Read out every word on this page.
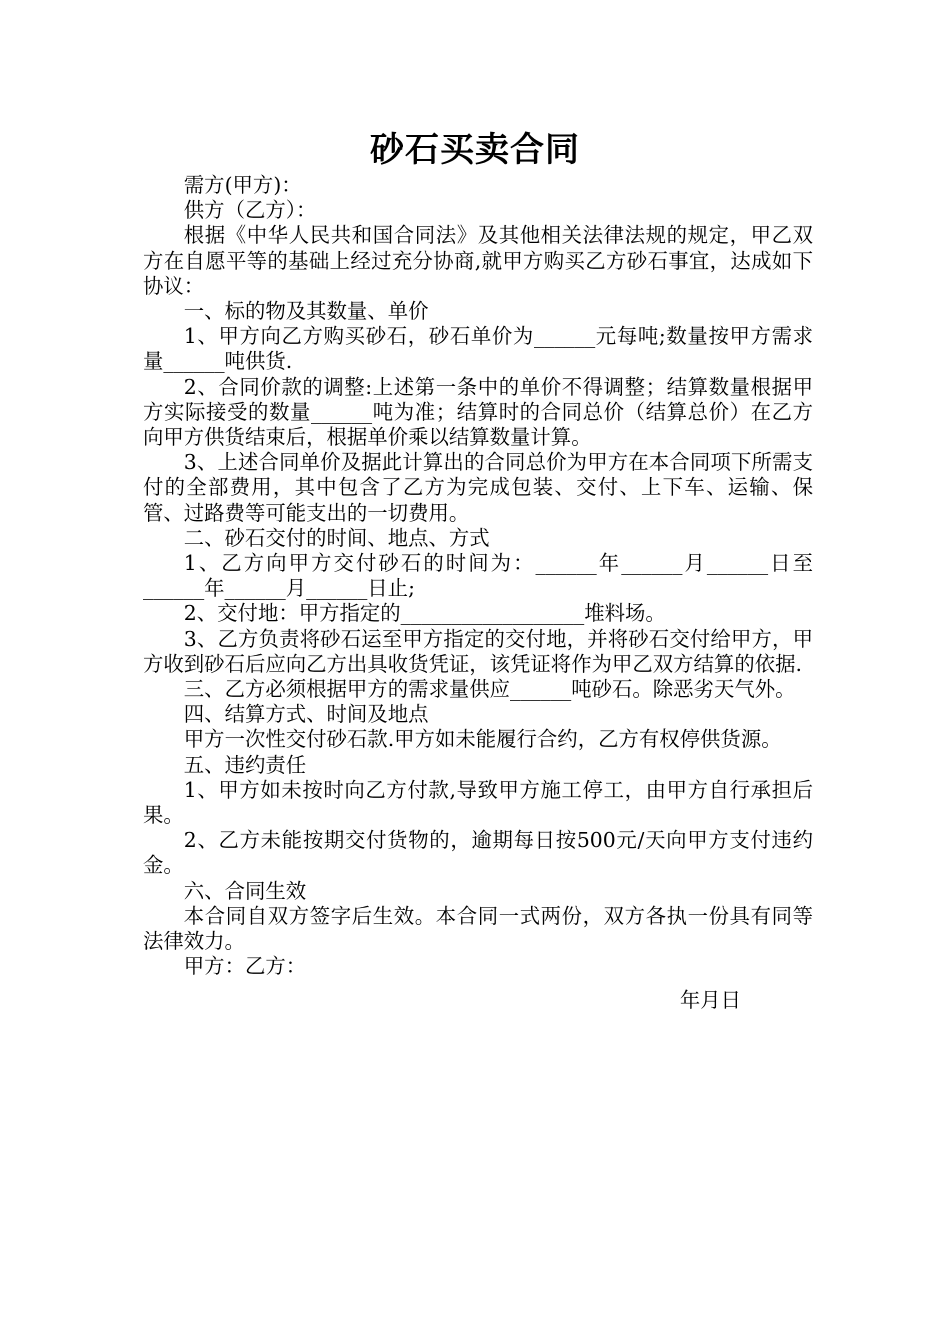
砂石买卖合同

需方(甲方)：

供方（乙方）：

根据《中华人民共和国合同法》及其他相关法律法规的规定，甲乙双方在自愿平等的基础上经过充分协商,就甲方购买乙方砂石事宜，达成如下协议：

一、标的物及其数量、单价

1、甲方向乙方购买砂石，砂石单价为______元每吨;数量按甲方需求量______吨供货.

2、合同价款的调整:上述第一条中的单价不得调整；结算数量根据甲方实际接受的数量______吨为准；结算时的合同总价（结算总价）在乙方向甲方供货结束后，根据单价乘以结算数量计算。

3、上述合同单价及据此计算出的合同总价为甲方在本合同项下所需支付的全部费用，其中包含了乙方为完成包装、交付、上下车、运输、保管、过路费等可能支出的一切费用。

二、砂石交付的时间、地点、方式

1、乙方向甲方交付砂石的时间为：______年______月______日至______年______月______日止;

2、交付地：甲方指定的__________________堆料场。

3、乙方负责将砂石运至甲方指定的交付地，并将砂石交付给甲方，甲方收到砂石后应向乙方出具收货凭证，该凭证将作为甲乙双方结算的依据.

三、乙方必须根据甲方的需求量供应______吨砂石。除恶劣天气外。

四、结算方式、时间及地点

甲方一次性交付砂石款.甲方如未能履行合约，乙方有权停供货源。

五、违约责任

1、甲方如未按时向乙方付款,导致甲方施工停工，由甲方自行承担后果。

2、乙方未能按期交付货物的，逾期每日按500元/天向甲方支付违约金。

六、合同生效

本合同自双方签字后生效。本合同一式两份，双方各执一份具有同等法律效力。

甲方：乙方：

年月日
